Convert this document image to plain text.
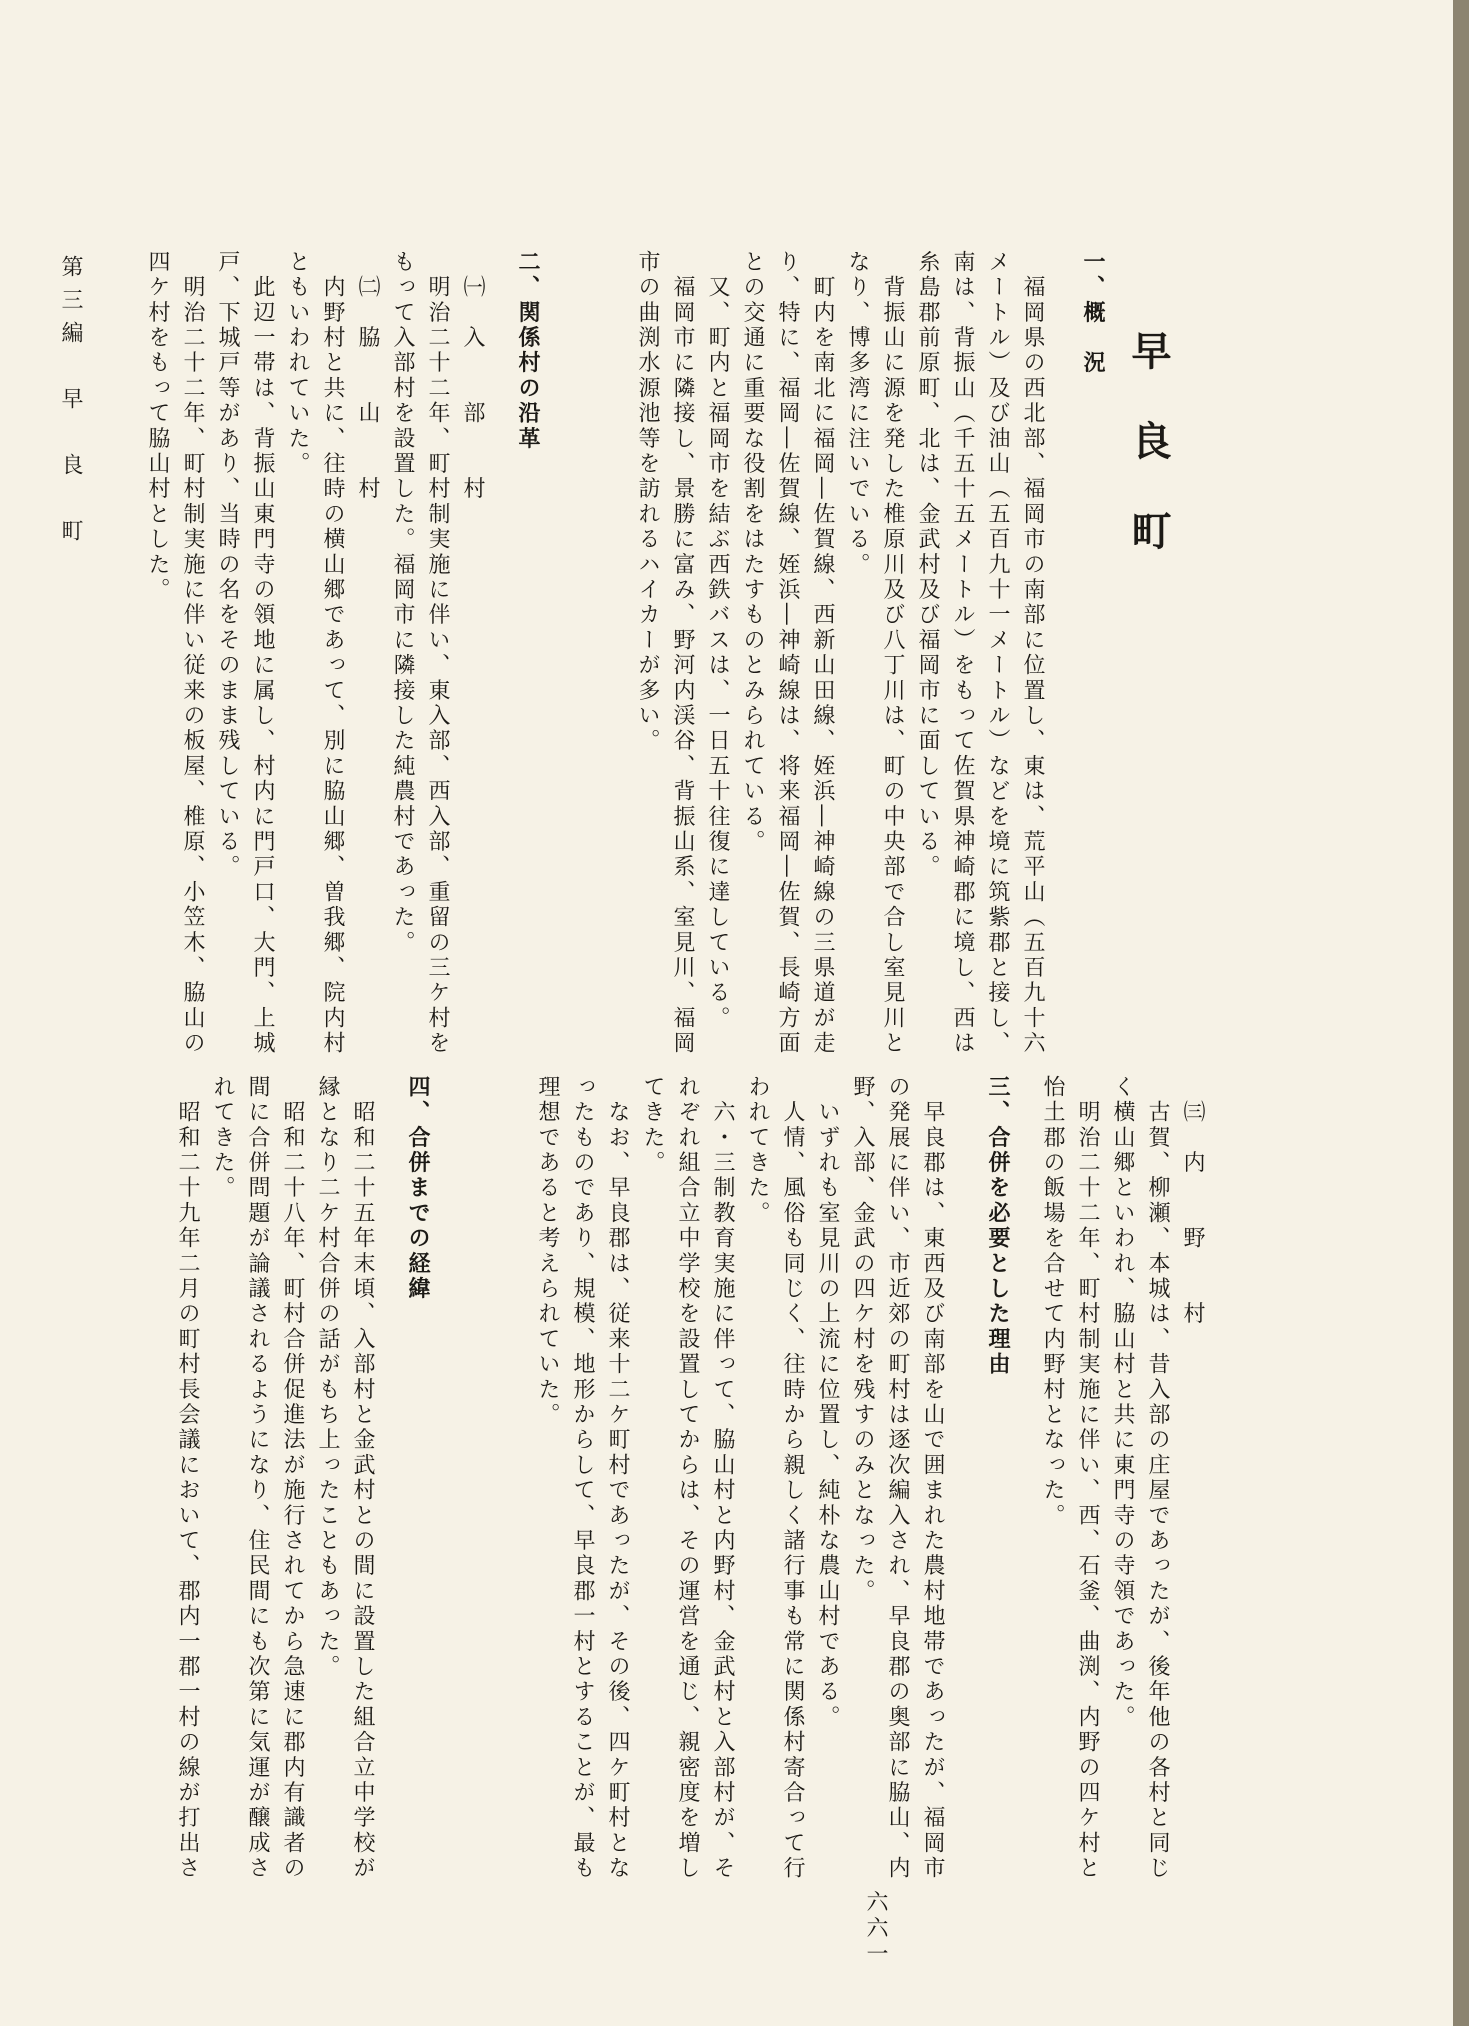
早良町
一、概　況
　福岡県の西北部、福岡市の南部に位置し、東は、荒平山（五百九十六
メートル）及び油山（五百九十一メートル）などを境に筑紫郡と接し、
南は、背振山（千五十五メートル）をもって佐賀県神崎郡に境し、西は
糸島郡前原町、北は、金武村及び福岡市に面している。
　背振山に源を発した椎原川及び八丁川は、町の中央部で合し室見川と
なり、博多湾に注いでいる。
　町内を南北に福岡―佐賀線、西新山田線、姪浜―神崎線の三県道が走
り、特に、福岡―佐賀線、姪浜―神崎線は、将来福岡―佐賀、長崎方面
との交通に重要な役割をはたすものとみられている。
　又、町内と福岡市を結ぶ西鉄バスは、一日五十往復に達している。
　福岡市に隣接し、景勝に富み、野河内渓谷、背振山系、室見川、福岡
市の曲渕水源池等を訪れるハイカーが多い。
二、関係村の沿革
　㈠　入　　部　　村
　明治二十二年、町村制実施に伴い、東入部、西入部、重留の三ケ村を
もって入部村を設置した。福岡市に隣接した純農村であった。
　㈡　脇　　山　　村
　内野村と共に、往時の横山郷であって、別に脇山郷、曽我郷、院内村
ともいわれていた。
　此辺一帯は、背振山東門寺の領地に属し、村内に門戸口、大門、上城
戸、下城戸等があり、当時の名をそのまま残している。
　明治二十二年、町村制実施に伴い従来の板屋、椎原、小笠木、脇山の
四ケ村をもって脇山村とした。
第三編　早　良　町
　㈢　内　　野　　村
　古賀、柳瀬、本城は、昔入部の庄屋であったが、後年他の各村と同じ
く横山郷といわれ、脇山村と共に東門寺の寺領であった。
　明治二十二年、町村制実施に伴い、西、石釜、曲渕、内野の四ケ村と
怡土郡の飯場を合せて内野村となった。
三、合併を必要とした理由
　早良郡は、東西及び南部を山で囲まれた農村地帯であったが、福岡市
の発展に伴い、市近郊の町村は逐次編入され、早良郡の奥部に脇山、内
野、入部、金武の四ケ村を残すのみとなった。
　いずれも室見川の上流に位置し、純朴な農山村である。
　人情、風俗も同じく、往時から親しく諸行事も常に関係村寄合って行
われてきた。
　六・三制教育実施に伴って、脇山村と内野村、金武村と入部村が、そ
れぞれ組合立中学校を設置してからは、その運営を通じ、親密度を増し
てきた。
　なお、早良郡は、従来十二ケ町村であったが、その後、四ケ町村とな
ったものであり、規模、地形からして、早良郡一村とすることが、最も
理想であると考えられていた。
四、合併までの経緯
　昭和二十五年末頃、入部村と金武村との間に設置した組合立中学校が
縁となり二ケ村合併の話がもち上ったこともあった。
　昭和二十八年、町村合併促進法が施行されてから急速に郡内有識者の
間に合併問題が論議されるようになり、住民間にも次第に気運が醸成さ
れてきた。
　昭和二十九年二月の町村長会議において、郡内一郡一村の線が打出さ
六六一
